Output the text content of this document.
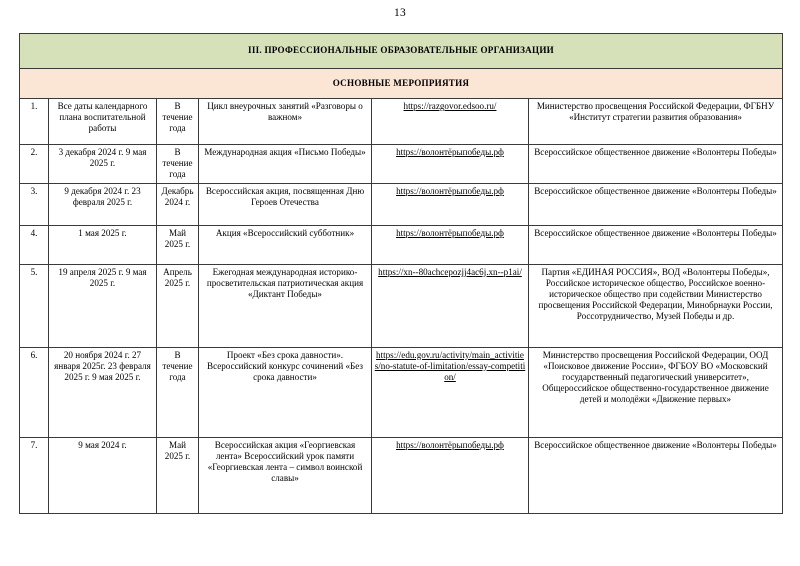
13
III. ПРОФЕССИОНАЛЬНЫЕ ОБРАЗОВАТЕЛЬНЫЕ ОРГАНИЗАЦИИ					
ОСНОВНЫЕ МЕРОПРИЯТИЯ					
1.	Все даты календарного плана воспитательной работы	В течение года	Цикл внеурочных занятий «Разговоры о важном»	https://razgovor.edsoo.ru/	Министерство просвещения Российской Федерации, ФГБНУ «Институт стратегии развития образования»
2.	3 декабря 2024 г. 9 мая 2025 г.	В течение года	Международная акция «Письмо Победы»	https://волонтёрыпобеды.рф	Всероссийское общественное движение «Волонтеры Победы»
3.	9 декабря 2024 г. 23 февраля 2025 г.	Декабрь 2024 г.	Всероссийская акция, посвященная Дню Героев Отечества	https://волонтёрыпобеды.рф	Всероссийское общественное движение «Волонтеры Победы»
4.	1 мая 2025 г.	Май 2025 г.	Акция «Всероссийский субботник»	https://волонтёрыпобеды.рф	Всероссийское общественное движение «Волонтеры Победы»
5.	19 апреля 2025 г. 9 мая 2025 г.	Апрель 2025 г.	Ежегодная международная историко-просветительская патриотическая акция «Диктант Победы»	https://xn--80achcepozjj4ac6j.xn--p1ai/	Партия «ЕДИНАЯ РОССИЯ», ВОД «Волонтеры Победы», Российское историческое общество, Российское военно-историческое общество при содействии Министерство просвещения Российской Федерации, Минобрнауки России, Россотрудничество, Музей Победы и др.
6.	20 ноября 2024 г. 27 января 2025г. 23 февраля 2025 г. 9 мая 2025 г.	В течение года	Проект «Без срока давности». Всероссийский конкурс сочинений «Без срока давности»	https://edu.gov.ru/activity/main_activities/no-statute-of-limitation/essay-competition/	Министерство просвещения Российской Федерации, ООД «Поисковое движение России», ФГБОУ ВО «Московский государственный педагогический университет», Общероссийское общественно-государственное движение детей и молодёжи «Движение первых»
7.	9 мая 2024 г.	Май 2025 г.	Всероссийская акция «Георгиевская лента» Всероссийский урок памяти «Георгиевская лента – символ воинской славы»	https://волонтёрыпобеды.рф	Всероссийское общественное движение «Волонтеры Победы»
